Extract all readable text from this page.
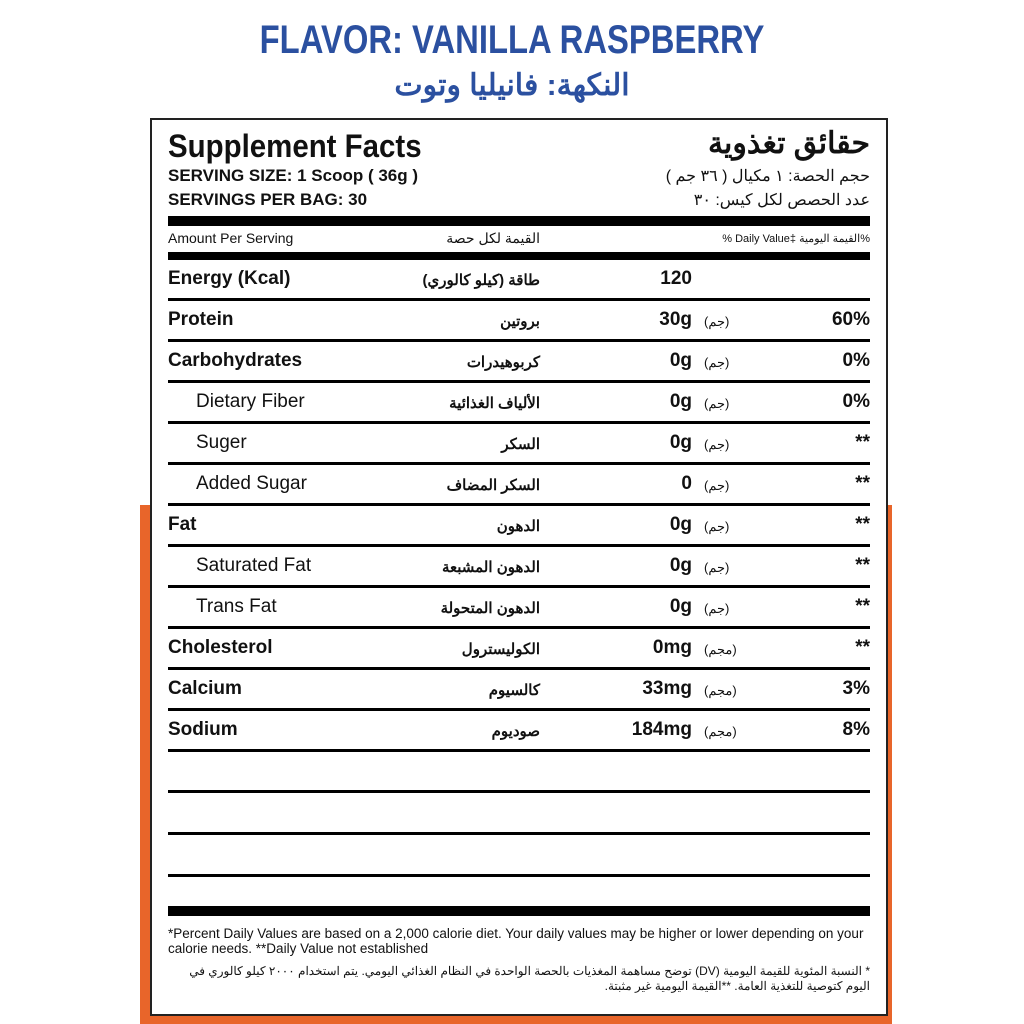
FLAVOR: VANILLA RASPBERRY
النكهة: فانيليا وتوت
Supplement Facts	حقائق تغذوية
SERVING SIZE: 1 Scoop ( 36g )	حجم الحصة: ١ مكيال ( ٣٦ جم )
SERVINGS PER BAG: 30	عدد الحصص لكل كيس: ٣٠
Amount Per Serving	القيمة لكل حصة	% Daily Value‡ القيمة اليومية%
Energy (Kcal)	طاقة (كيلو كالوري)	120
Protein	بروتين	30g (جم)	60%
Carbohydrates	كربوهيدرات	0g (جم)	0%
Dietary Fiber	الألياف الغذائية	0g (جم)	0%
Suger	السكر	0g (جم)	**
Added Sugar	السكر المضاف	0 (جم)	**
Fat	الدهون	0g (جم)	**
Saturated Fat	الدهون المشبعة	0g (جم)	**
Trans Fat	الدهون المتحولة	0g (جم)	**
Cholesterol	الكوليسترول	0mg (مجم)	**
Calcium	كالسيوم	33mg (مجم)	3%
Sodium	صوديوم	184mg (مجم)	8%
*Percent Daily Values are based on a 2,000 calorie diet. Your daily values may be higher or lower depending on your calorie needs. **Daily Value not established
* النسبة المئوية للقيمة اليومية (DV) توضح مساهمة المغذيات بالحصة الواحدة في النظام الغذائي اليومي. يتم استخدام ٢٠٠٠ كيلو كالوري في اليوم كتوصية للتغذية العامة. **القيمة اليومية غير مثبتة.
